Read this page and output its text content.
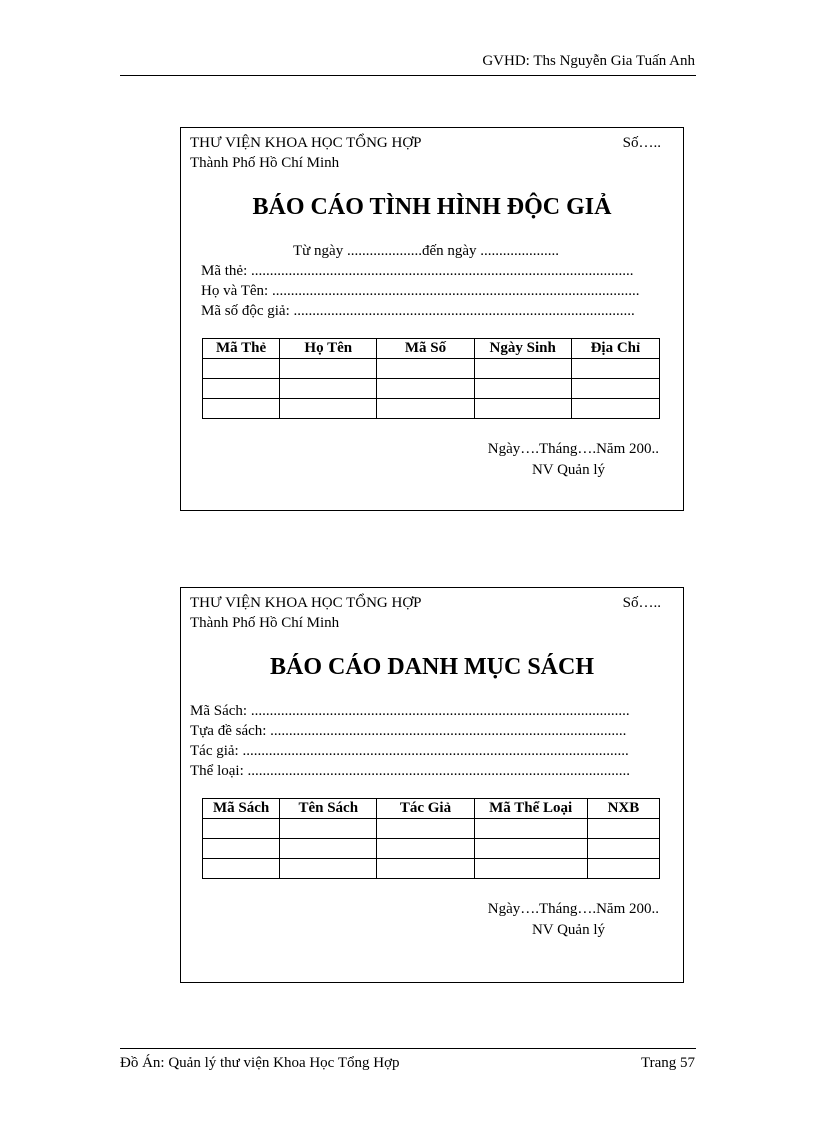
GVHD: Ths Nguyễn Gia Tuấn Anh
THƯ VIỆN KHOA HỌC TỔNG HỢP	Số…..
Thành Phố Hồ Chí Minh
BÁO CÁO TÌNH HÌNH ĐỘC GIẢ
Từ ngày ....................đến ngày .....................
Mã thẻ: ......................................................................................................
Họ và Tên: ..................................................................................................
Mã số độc giả: ...........................................................................................
Mã Thẻ	Họ Tên	Mã Số	Ngày Sinh	Địa Chỉ

Ngày….Tháng….Năm 200..
NV Quản lý
THƯ VIỆN KHOA HỌC TỔNG HỢP	Số…..
Thành Phố Hồ Chí Minh
BÁO CÁO DANH MỤC SÁCH
Mã Sách: .....................................................................................................
Tựa đề sách: ...............................................................................................
Tác giả: .......................................................................................................
Thể loại: ......................................................................................................
Mã Sách	Tên Sách	Tác Giả	Mã Thể Loại	NXB

Ngày….Tháng….Năm 200..
NV Quản lý
Đồ Án: Quản lý thư viện Khoa Học Tổng Hợp	Trang 57
